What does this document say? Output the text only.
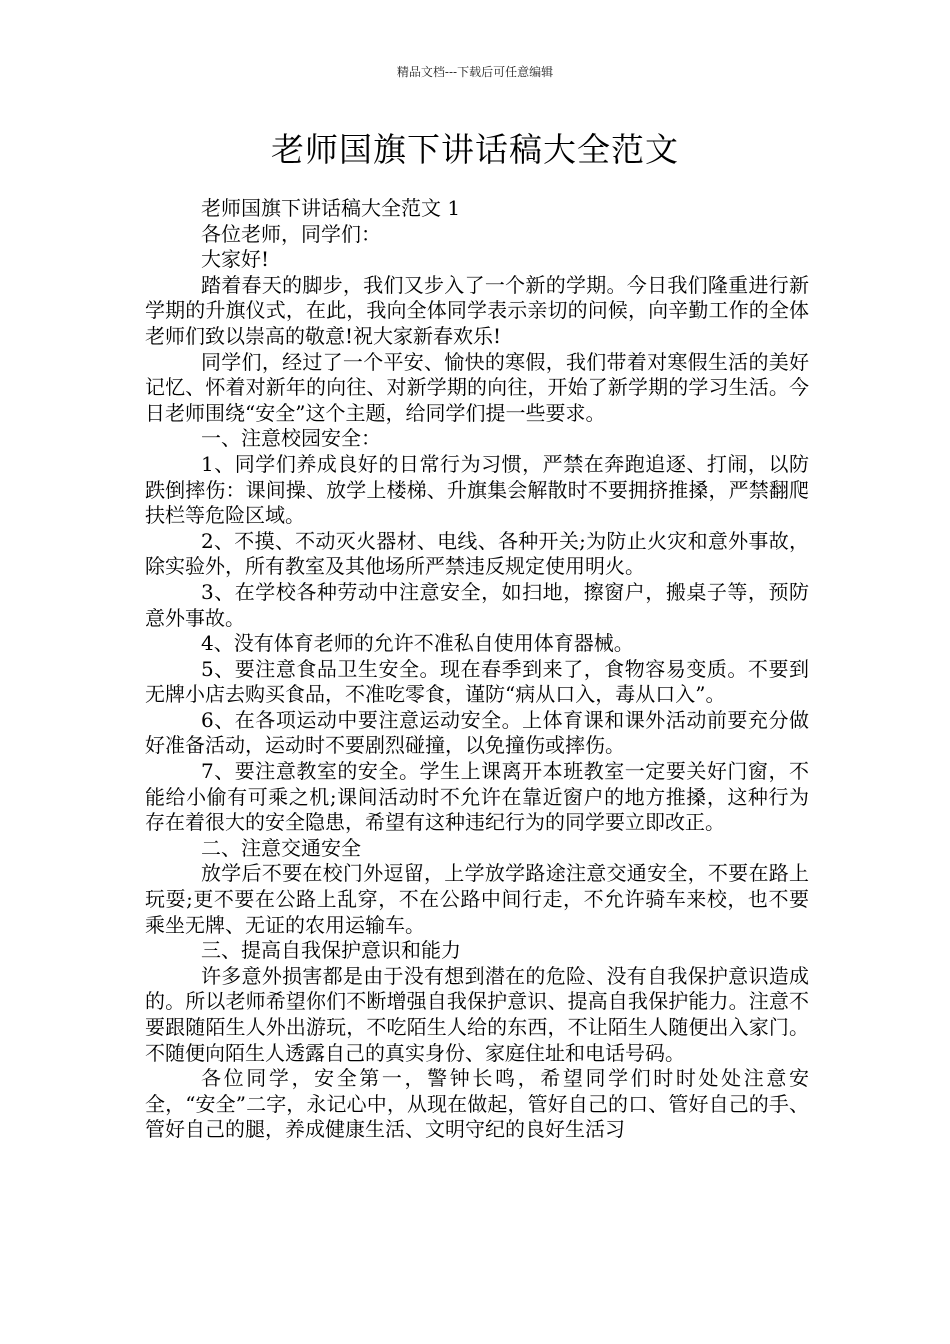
精品文档---下载后可任意编辑
老师国旗下讲话稿大全范文

老师国旗下讲话稿大全范文 1

各位老师，同学们：

大家好!

踏着春天的脚步，我们又步入了一个新的学期。今日我们隆重进行新学期的升旗仪式，在此，我向全体同学表示亲切的问候，向辛勤工作的全体老师们致以崇高的敬意!祝大家新春欢乐!

同学们，经过了一个平安、愉快的寒假，我们带着对寒假生活的美好记忆、怀着对新年的向往、对新学期的向往，开始了新学期的学习生活。今日老师围绕“安全”这个主题，给同学们提一些要求。

一、注意校园安全：

1、同学们养成良好的日常行为习惯，严禁在奔跑追逐、打闹，以防跌倒摔伤：课间操、放学上楼梯、升旗集会解散时不要拥挤推搡，严禁翻爬扶栏等危险区域。

2、不摸、不动灭火器材、电线、各种开关;为防止火灾和意外事故，除实验外，所有教室及其他场所严禁违反规定使用明火。

3、在学校各种劳动中注意安全，如扫地，擦窗户，搬桌子等，预防意外事故。

4、没有体育老师的允许不准私自使用体育器械。

5、要注意食品卫生安全。现在春季到来了，食物容易变质。不要到无牌小店去购买食品，不准吃零食，谨防“病从口入，毒从口入”。

6、在各项运动中要注意运动安全。上体育课和课外活动前要充分做好准备活动，运动时不要剧烈碰撞，以免撞伤或摔伤。

7、要注意教室的安全。学生上课离开本班教室一定要关好门窗，不能给小偷有可乘之机;课间活动时不允许在靠近窗户的地方推搡，这种行为存在着很大的安全隐患，希望有这种违纪行为的同学要立即改正。

二、注意交通安全

放学后不要在校门外逗留，上学放学路途注意交通安全，不要在路上玩耍;更不要在公路上乱穿，不在公路中间行走，不允许骑车来校，也不要乘坐无牌、无证的农用运输车。

三、提高自我保护意识和能力

许多意外损害都是由于没有想到潜在的危险、没有自我保护意识造成的。所以老师希望你们不断增强自我保护意识、提高自我保护能力。注意不要跟随陌生人外出游玩，不吃陌生人给的东西，不让陌生人随便出入家门。不随便向陌生人透露自己的真实身份、家庭住址和电话号码。

各位同学，安全第一，警钟长鸣，希望同学们时时处处注意安全，“安全”二字，永记心中，从现在做起，管好自己的口、管好自己的手、管好自己的腿，养成健康生活、文明守纪的良好生活习
